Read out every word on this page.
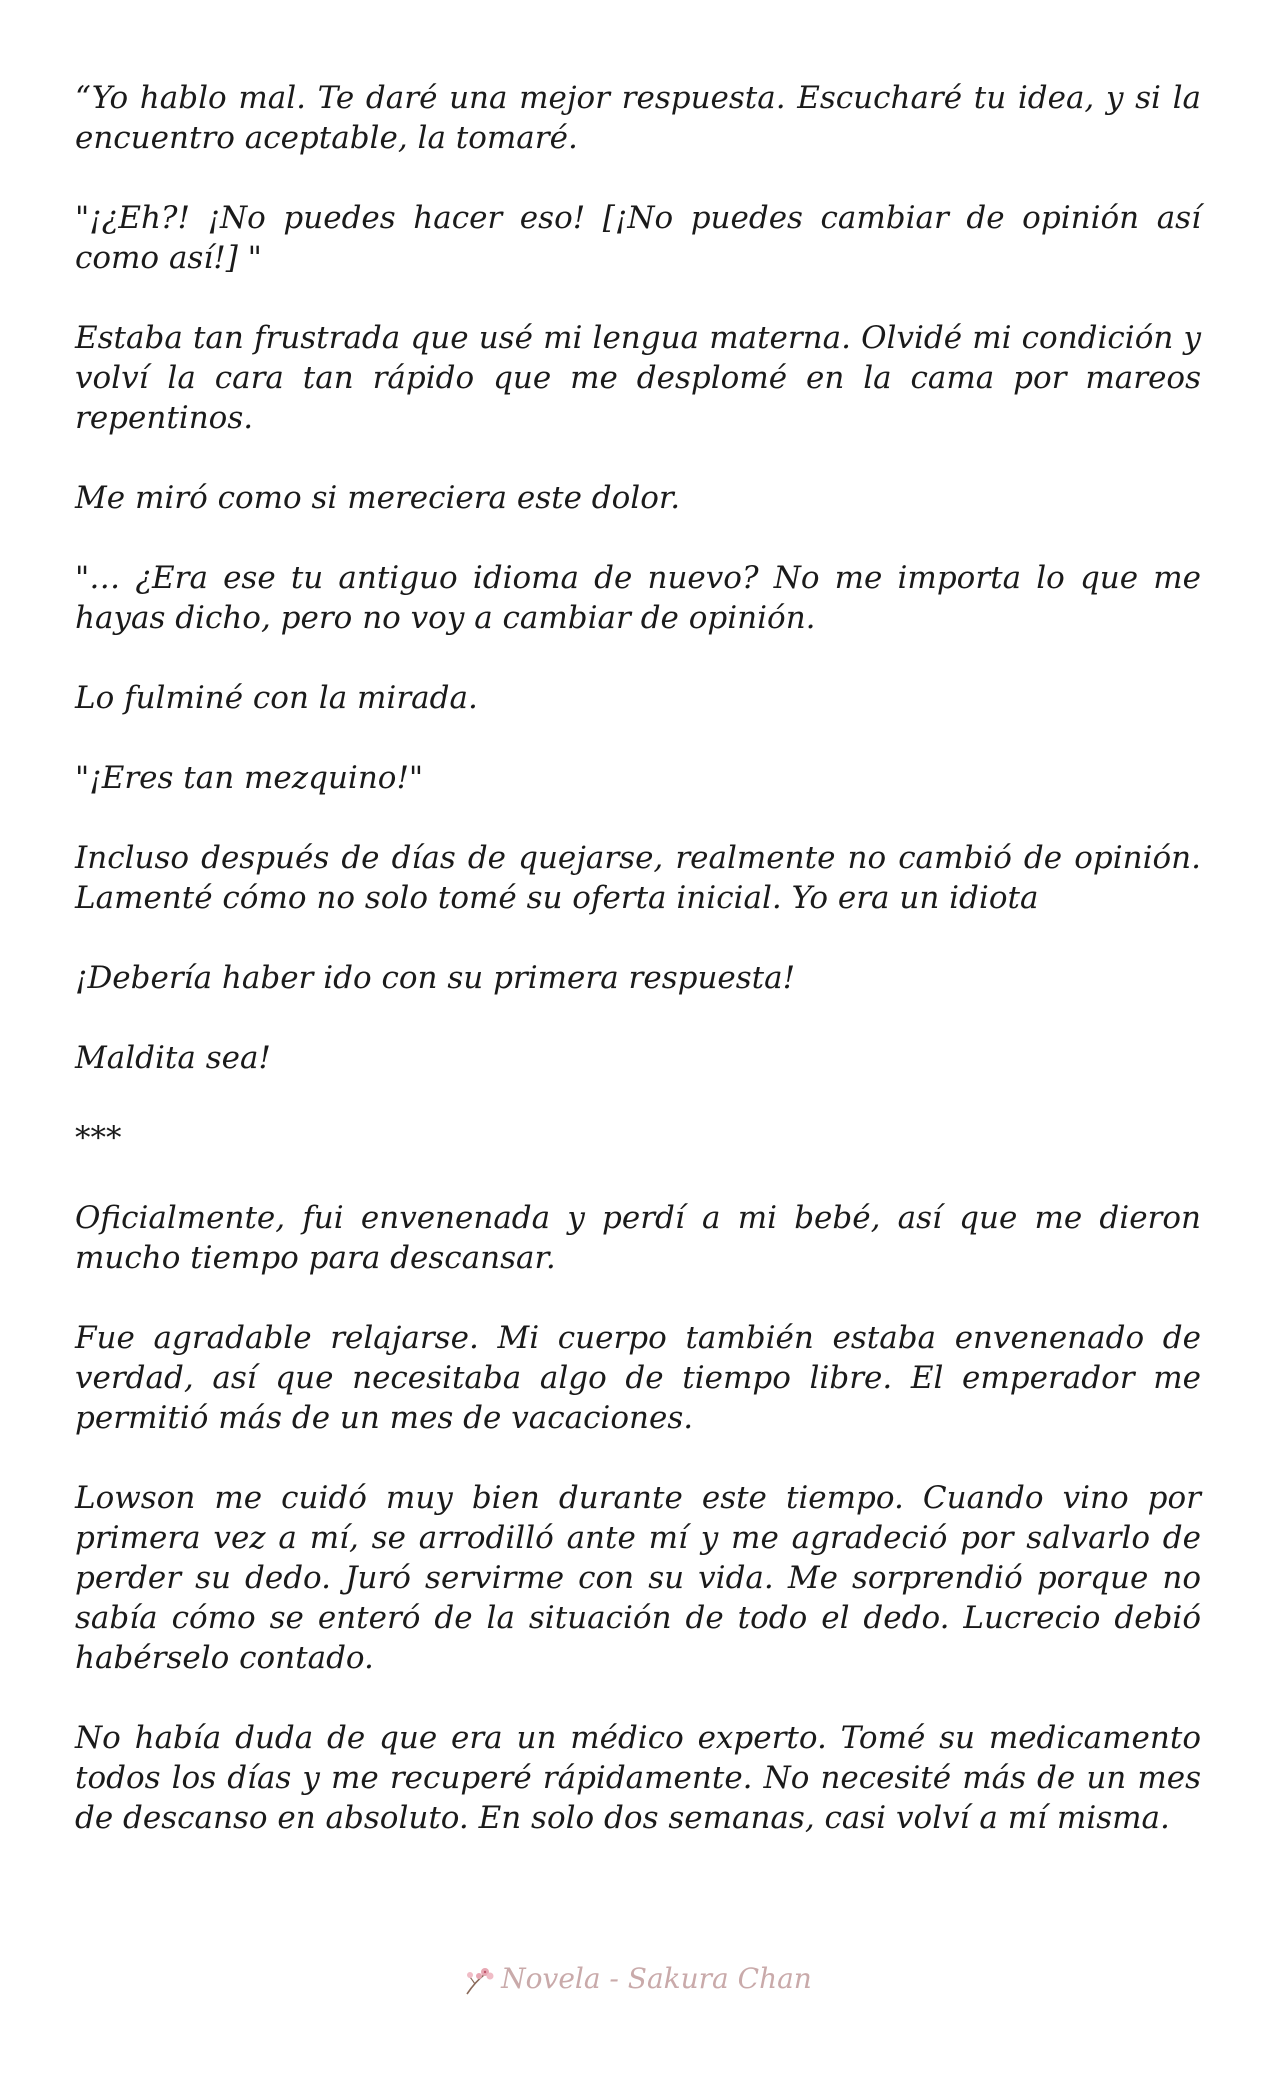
“Yo hablo mal. Te daré una mejor respuesta. Escucharé tu idea, y si la encuentro aceptable, la tomaré.

"¡¿Eh?! ¡No puedes hacer eso! [¡No puedes cambiar de opinión así como así!] "

Estaba tan frustrada que usé mi lengua materna. Olvidé mi condición y volví la cara tan rápido que me desplomé en la cama por mareos repentinos.

Me miró como si mereciera este dolor.

"… ¿Era ese tu antiguo idioma de nuevo? No me importa lo que me hayas dicho, pero no voy a cambiar de opinión.

Lo fulminé con la mirada.

"¡Eres tan mezquino!"

Incluso después de días de quejarse, realmente no cambió de opinión. Lamenté cómo no solo tomé su oferta inicial. Yo era un idiota

¡Debería haber ido con su primera respuesta!

Maldita sea!

***

Oficialmente, fui envenenada y perdí a mi bebé, así que me dieron mucho tiempo para descansar.

Fue agradable relajarse. Mi cuerpo también estaba envenenado de verdad, así que necesitaba algo de tiempo libre. El emperador me permitió más de un mes de vacaciones.

Lowson me cuidó muy bien durante este tiempo. Cuando vino por primera vez a mí, se arrodilló ante mí y me agradeció por salvarlo de perder su dedo. Juró servirme con su vida. Me sorprendió porque no sabía cómo se enteró de la situación de todo el dedo. Lucrecio debió habérselo contado.

No había duda de que era un médico experto. Tomé su medicamento todos los días y me recuperé rápidamente. No necesité más de un mes de descanso en absoluto. En solo dos semanas, casi volví a mí misma.

Novela - Sakura Chan
